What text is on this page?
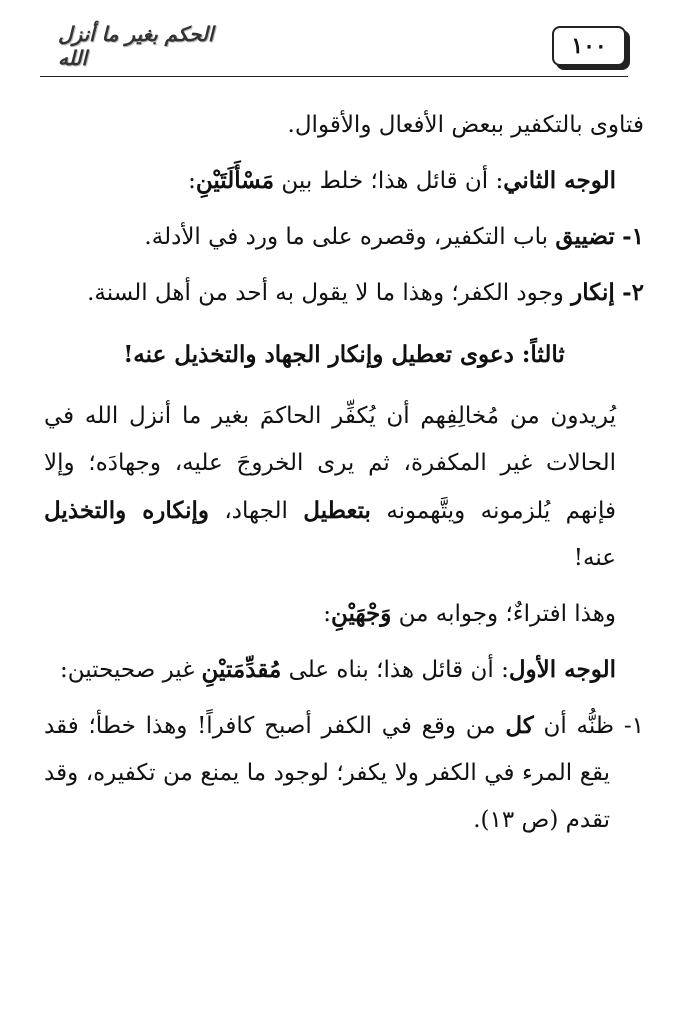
١٠٠
الحكم بغير ما أنزل الله

فتاوى بالتكفير ببعض الأفعال والأقوال.

الوجه الثاني: أن قائل هذا؛ خلط بين مَسْأَلَتَيْنِ:

١- تضييق باب التكفير، وقصره على ما ورد في الأدلة.

٢- إنكار وجود الكفر؛ وهذا ما لا يقول به أحد من أهل السنة.

ثالثاً: دعوى تعطيل وإنكار الجهاد والتخذيل عنه!

يُريدون من مُخالِفِهم أن يُكفِّر الحاكمَ بغير ما أنزل الله في الحالات غير المكفرة، ثم يرى الخروجَ عليه، وجهادَه؛ وإلا فإنهم يُلزمونه ويتَّهمونه بتعطيل الجهاد، وإنكاره والتخذيل عنه!

وهذا افتراءٌ؛ وجوابه من وَجْهَيْنِ:

الوجه الأول: أن قائل هذا؛ بناه على مُقدِّمَتيْنِ غير صحيحتين:

١- ظنُّه أن كل من وقع في الكفر أصبح كافراً! وهذا خطأ؛ فقد يقع المرء في الكفر ولا يكفر؛ لوجود ما يمنع من تكفيره، وقد تقدم (ص ١٣).
